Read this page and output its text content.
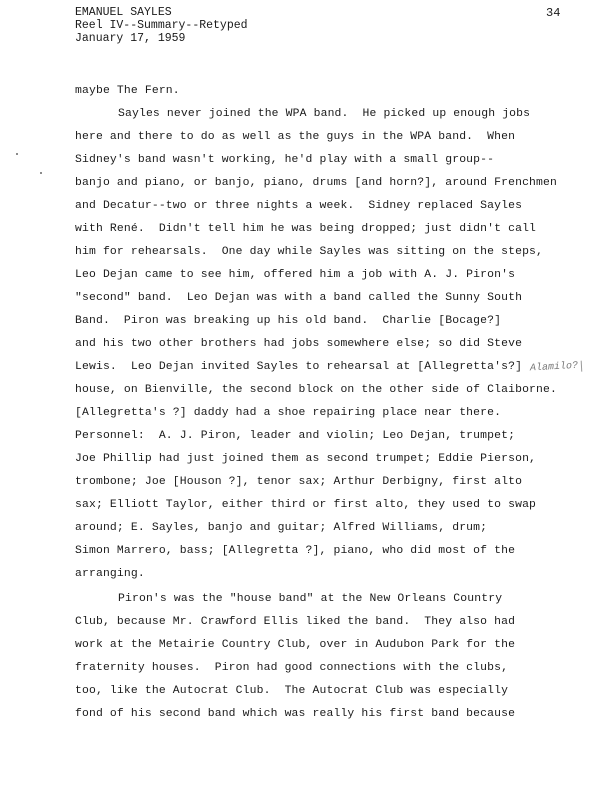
EMANUEL SAYLES
Reel IV--Summary--Retyped
January 17, 1959
34
maybe The Fern.
Sayles never joined the WPA band.  He picked up enough jobs
here and there to do as well as the guys in the WPA band.  When
Sidney's band wasn't working, he'd play with a small group--
banjo and piano, or banjo, piano, drums [and horn?], around Frenchmen
and Decatur--two or three nights a week.  Sidney replaced Sayles
with René.  Didn't tell him he was being dropped; just didn't call
him for rehearsals.  One day while Sayles was sitting on the steps,
Leo Dejan came to see him, offered him a job with A. J. Piron's
"second" band.  Leo Dejan was with a band called the Sunny South
Band.  Piron was breaking up his old band.  Charlie [Bocage?]
and his two other brothers had jobs somewhere else; so did Steve
Lewis.  Leo Dejan invited Sayles to rehearsal at [Allegretta's?]
house, on Bienville, the second block on the other side of Claiborne.
[Allegretta's ?] daddy had a shoe repairing place near there.
Personnel:  A. J. Piron, leader and violin; Leo Dejan, trumpet;
Joe Phillip had just joined them as second trumpet; Eddie Pierson,
trombone; Joe [Houson ?], tenor sax; Arthur Derbigny, first alto
sax; Elliott Taylor, either third or first alto, they used to swap
around; E. Sayles, banjo and guitar; Alfred Williams, drum;
Simon Marrero, bass; [Allegretta ?], piano, who did most of the
arranging.
Piron's was the "house band" at the New Orleans Country
Club, because Mr. Crawford Ellis liked the band.  They also had
work at the Metairie Country Club, over in Audubon Park for the
fraternity houses.  Piron had good connections with the clubs,
too, like the Autocrat Club.  The Autocrat Club was especially
fond of his second band which was really his first band because
Alamilo?
